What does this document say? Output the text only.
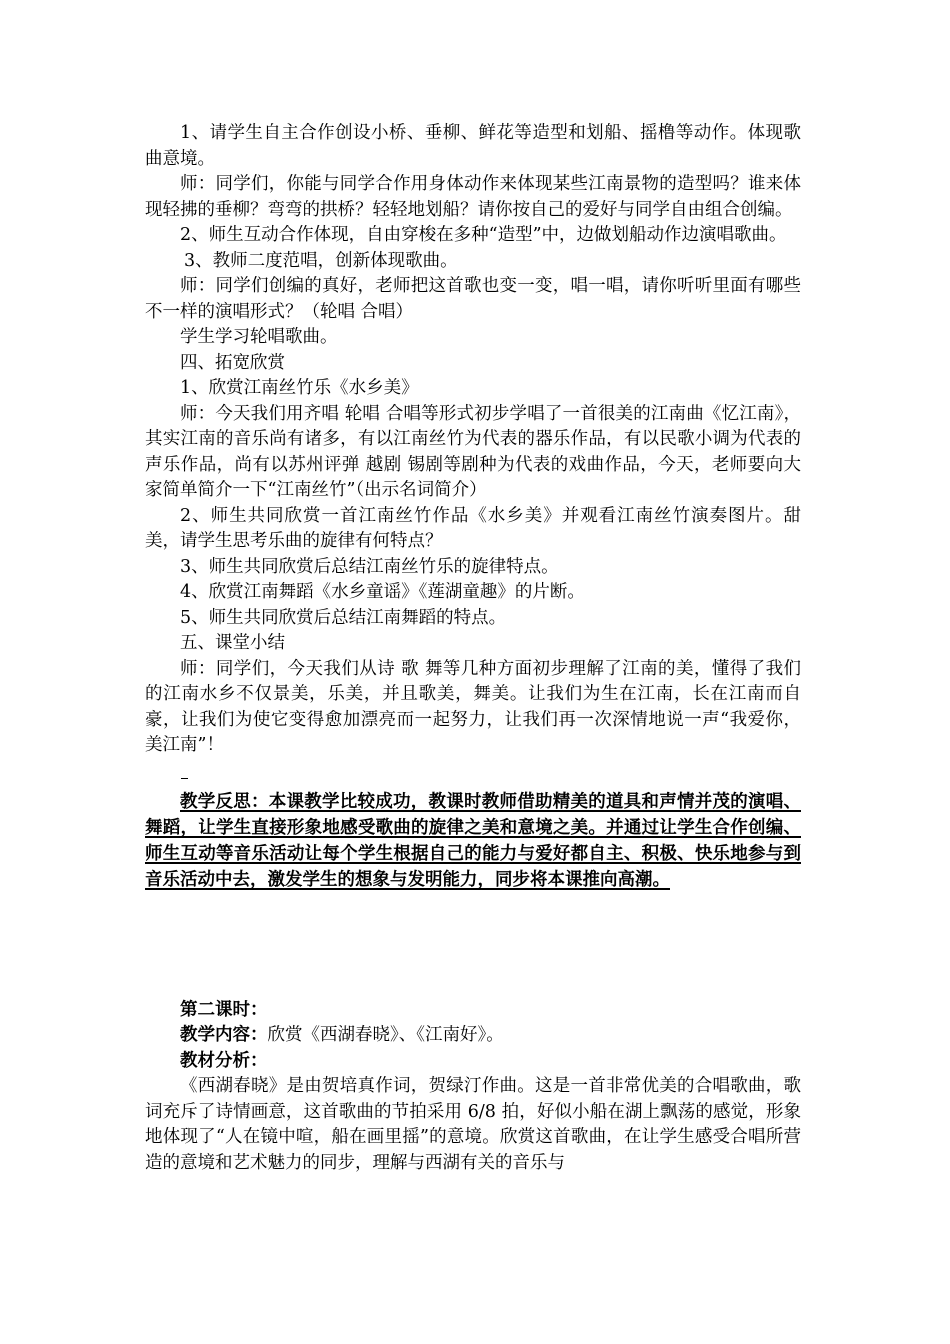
1、请学生自主合作创设小桥、垂柳、鲜花等造型和划船、摇橹等动作。体现歌曲意境。

师：同学们，你能与同学合作用身体动作来体现某些江南景物的造型吗？谁来体现轻拂的垂柳？弯弯的拱桥？轻轻地划船？请你按自己的爱好与同学自由组合创编。

2、师生互动合作体现，自由穿梭在多种“造型”中，边做划船动作边演唱歌曲。

3、教师二度范唱，创新体现歌曲。

师：同学们创编的真好，老师把这首歌也变一变，唱一唱，请你听听里面有哪些不一样的演唱形式？（轮唱 合唱）

学生学习轮唱歌曲。

四、拓宽欣赏

1、欣赏江南丝竹乐《水乡美》

师：今天我们用齐唱 轮唱 合唱等形式初步学唱了一首很美的江南曲《忆江南》， 其实江南的音乐尚有诸多，有以江南丝竹为代表的器乐作品，有以民歌小调为代表的声乐作品，尚有以苏州评弹 越剧 锡剧等剧种为代表的戏曲作品，今天，老师要向大家简单简介一下“江南丝竹”（出示名词简介）

2、师生共同欣赏一首江南丝竹作品《水乡美》并观看江南丝竹演奏图片。甜美，请学生思考乐曲的旋律有何特点？

3、师生共同欣赏后总结江南丝竹乐的旋律特点。

4、欣赏江南舞蹈《水乡童谣》《莲湖童趣》的片断。

5、师生共同欣赏后总结江南舞蹈的特点。

五、课堂小结

师：同学们，今天我们从诗 歌 舞等几种方面初步理解了江南的美，懂得了我们的江南水乡不仅景美，乐美，并且歌美，舞美。让我们为生在江南，长在江南而自豪，让我们为使它变得愈加漂亮而一起努力，让我们再一次深情地说一声“我爱你，美江南”！

教学反思：本课教学比较成功，教课时教师借助精美的道具和声情并茂的演唱、舞蹈，让学生直接形象地感受歌曲的旋律之美和意境之美。并通过让学生合作创编、师生互动等音乐活动让每个学生根据自己的能力与爱好都自主、积极、快乐地参与到音乐活动中去，激发学生的想象与发明能力，同步将本课推向高潮。

第二课时：

教学内容：欣赏《西湖春晓》、《江南好》。

教材分析：

《西湖春晓》是由贺培真作词，贺绿汀作曲。这是一首非常优美的合唱歌曲，歌词充斥了诗情画意，这首歌曲的节拍采用 6/8 拍，好似小船在湖上飘荡的感觉，形象地体现了“人在镜中喧，船在画里摇”的意境。欣赏这首歌曲，在让学生感受合唱所营造的意境和艺术魅力的同步，理解与西湖有关的音乐与
